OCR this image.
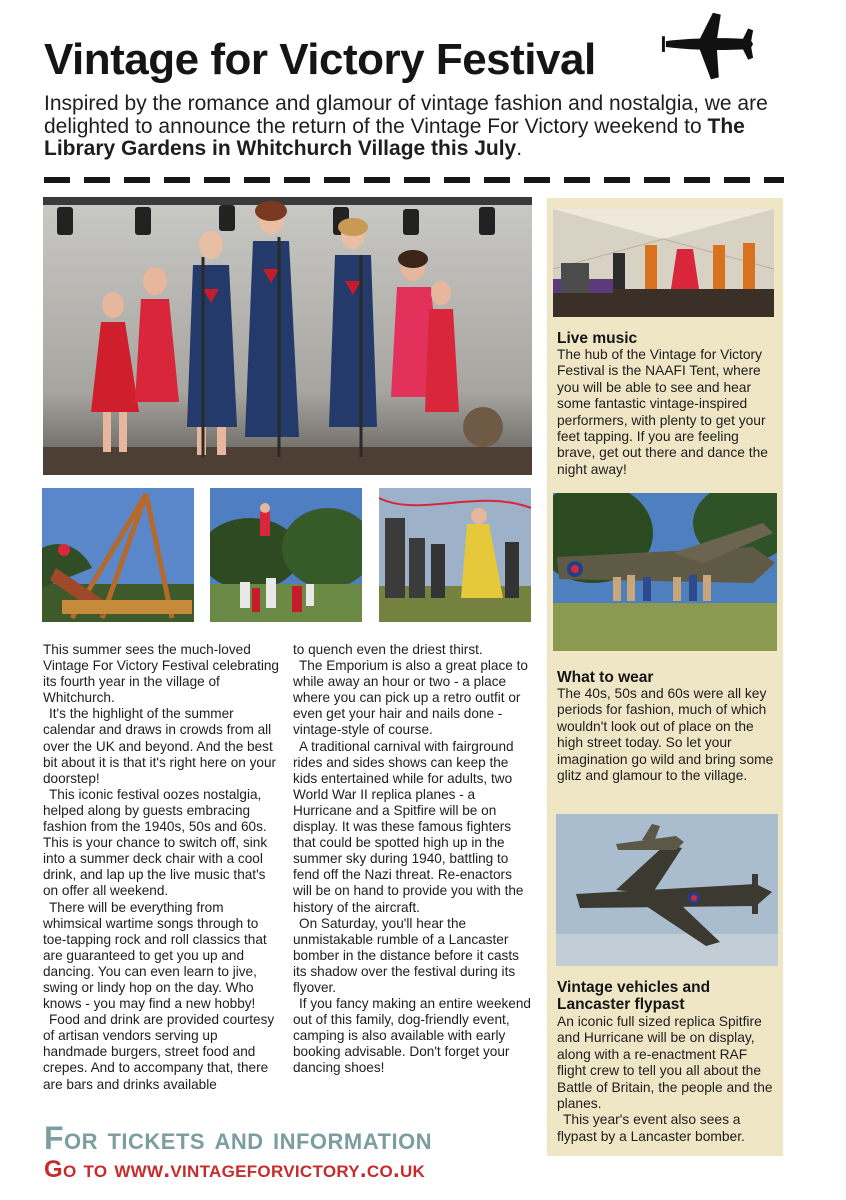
Vintage for Victory Festival
Inspired by the romance and glamour of vintage fashion and nostalgia, we are delighted to announce the return of the Vintage For Victory weekend to The Library Gardens in Whitchurch Village this July.

This summer sees the much-loved Vintage For Victory Festival celebrating its fourth year in the village of Whitchurch.

It's the highlight of the summer calendar and draws in crowds from all over the UK and beyond. And the best bit about it is that it's right here on your doorstep!

This iconic festival oozes nostalgia, helped along by guests embracing fashion from the 1940s, 50s and 60s. This is your chance to switch off, sink into a summer deck chair with a cool drink, and lap up the live music that's on offer all weekend.

There will be everything from whimsical wartime songs through to toe-tapping rock and roll classics that are guaranteed to get you up and dancing. You can even learn to jive, swing or lindy hop on the day. Who knows - you may find a new hobby!

Food and drink are provided courtesy of artisan vendors serving up handmade burgers, street food and crepes. And to accompany that, there are bars and drinks available

to quench even the driest thirst.

The Emporium is also a great place to while away an hour or two - a place where you can pick up a retro outfit or even get your hair and nails done - vintage-style of course.

A traditional carnival with fairground rides and sides shows can keep the kids entertained while for adults, two World War II replica planes - a Hurricane and a Spitfire will be on display. It was these famous fighters that could be spotted high up in the summer sky during 1940, battling to fend off the Nazi threat. Re-enactors will be on hand to provide you with the history of the aircraft.

On Saturday, you'll hear the unmistakable rumble of a Lancaster bomber in the distance before it casts its shadow over the festival during its flyover.

If you fancy making an entire weekend out of this family, dog-friendly event, camping is also available with early booking advisable. Don't forget your dancing shoes!

Live music
The hub of the Vintage for Victory Festival is the NAAFI Tent, where you will be able to see and hear some fantastic vintage-inspired performers, with plenty to get your feet tapping. If you are feeling brave, get out there and dance the night away!
What to wear
The 40s, 50s and 60s were all key periods for fashion, much of which wouldn't look out of place on the high street today. So let your imagination go wild and bring some glitz and glamour to the village.
Vintage vehicles and
Lancaster flypast
An iconic full sized replica Spitfire and Hurricane will be on display, along with a re-enactment RAF flight crew to tell you all about the Battle of Britain, the people and the planes.
This year's event also sees a flypast by a Lancaster bomber.
For tickets and information
Go to www.vintageforvictory.co.uk
